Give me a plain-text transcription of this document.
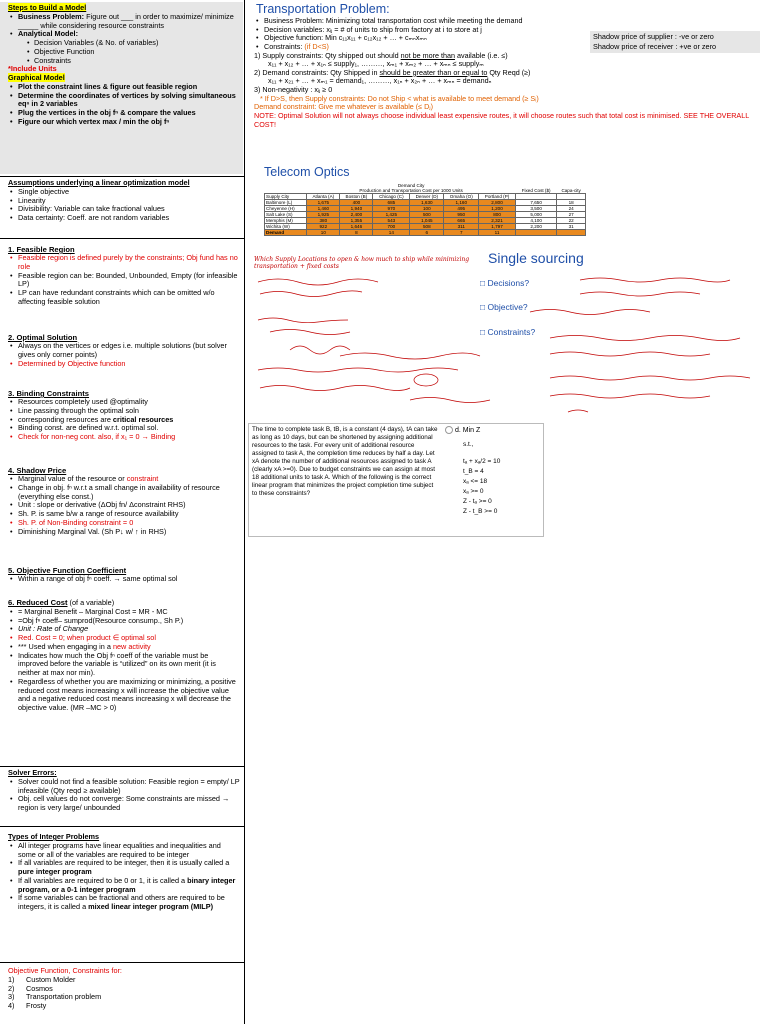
Steps to Build a Model
• Business Problem: Figure out ___ in order to maximize/ minimize _____ while considering resource constraints
• Analytical Model:
• Decision Variables (& No. of variables)
• Objective Function
• Constraints
*Include Units
Graphical Model
• Plot the constraint lines & figure out feasible region
• Determine the coordinates of vertices by solving simultaneous eqⁿ in 2 variables
• Plug the vertices in the obj fⁿ & compare the values
• Figure our which vertex max / min the obj fⁿ
Assumptions underlying a linear optimization model
• Single objective
• Linearity
• Divisibility: Variable can take fractional values
• Data certainty: Coeff. are not random variables
1. Feasible Region
• Feasible region is defined purely by the constraints; Obj fund has no role
• Feasible region can be: Bounded, Unbounded, Empty (for infeasible LP)
• LP can have redundant constraints which can be omitted w/o affecting feasible solution
2. Optimal Solution
• Always on the vertices or edges i.e. multiple solutions (but solver gives only corner points)
• Determined by Objective function
3. Binding Constraints
• Resources completely used @optimality
• Line passing through the optimal soln
• corresponding resources are critical resources
• Binding const. are defined w.r.t. optimal sol.
• Check for non-neg cont. also, if x₁ = 0 → Binding
4. Shadow Price
• Marginal value of the resource or constraint
• Change in obj. fⁿ w.r.t a small change in availability of resource (everything else const.)
• Unit : slope or derivative (ΔObj fn/ Δconstraint RHS)
• Sh. P. is same b/w a range of resource availability
• Sh. P. of Non-Binding constraint = 0
• Diminishing Marginal Val. (Sh P↓ w/ ↑ in RHS)
5. Objective Function Coefficient
• Within a range of obj fⁿ coeff. → same optimal sol
6. Reduced Cost (of a variable)
• = Marginal Benefit – Marginal Cost = MR - MC
• =Obj fⁿ coeff– sumprod(Resource consump., Sh P.)
• Unit : Rate of Change
• Red. Cost = 0; when product ∈ optimal sol
• *** Used when engaging in a new activity
• Indicates how much the Obj fⁿ coeff of the variable must be improved before the variable is “utilized” on its own merit (it is neither at max nor min).
• Regardless of whether you are maximizing or minimizing, a positive reduced cost means increasing x will increase the objective value and a negative reduced cost means increasing x will decrease the objective value. (MR –MC > 0)
Solver Errors:
• Solver could not find a feasible solution: Feasible region = empty/ LP infeasible (Qty reqd ≥ available)
• Obj. cell values do not converge: Some constraints are missed → region is very large/ unbounded
Types of Integer Problems
• All integer programs have linear equalities and inequalities and some or all of the variables are required to be integer
• If all variables are required to be integer, then it is usually called a pure integer program
• If all variables are required to be 0 or 1, it is called a binary integer program, or a 0-1 integer program
• If some variables can be fractional and others are required to be integers, it is called a mixed linear integer program (MILP)
Objective Function, Constraints for:
1) Custom Molder
2) Cosmos
3) Transportation problem
4) Frosty
Transportation Problem:
• Business Problem: Minimizing total transportation cost while meeting the demand
• Decision variables: xᵢⱼ = # of units to ship from factory at i to store at j
• Objective function: Min c₁₁x₁₁ + c₁₂x₁₂ + … + cₘₙxₘₙ
• Constraints: (if D<S)
1) Supply constraints: Qty shipped out should not be more than available (i.e. ≤)
x₁₁ + x₁₂ + … + x₁ₙ ≤ supply₁, ………, xₘ₁ + xₘ₂ + … + xₘₙ ≤ supplyₘ
2) Demand constraints: Qty Shipped in should be greater than or equal to Qty Reqd (≥)
x₁₁ + x₂₁ + … + xₘ₁ = demand₁, ………, x₁ₙ + x₂ₙ + … + xₘₙ = demandₙ
3) Non-negativity : xᵢⱼ ≥ 0
* If D>S, then Supply constraints: Do not Ship < what is available to meet demand (≥ Sᵢ)
Demand constraint: Give me whatever is available (≤ Dⱼ)
NOTE: Optimal Solution will not always choose individual least expensive routes, it will choose routes such that total cost is minimised. SEE THE OVERALL COST!
Shadow price of supplier : -ve or zero
Shadow price of receiver : +ve or zero
Telecom Optics
	Demand City							
	Production and Transportation Cost per 1000 Units						Fixed Cost ($)	Capa-city
Supply City	Atlanta (A)	Boston (B)	Chicago (C)	Denver (D)	Omaha (O)	Portland (P)		
Baltimore (L)	1,675	400	685	1,630	1,160	2,800	7,650	18
Cheyenne (H)	1,460	1,940	970	100	495	1,200	3,500	24
Salt Lake (S)	1,925	2,400	1,425	500	950	800	5,000	27
Memphis (M)	380	1,355	543	1,045	665	2,321	4,100	22
Wichita (W)	922	1,646	700	508	311	1,797	2,200	31
Demand	10	8	14	6	7	11		
Which Supply Locations to open & how much to ship while minimizing transportation + fixed costs
Single sourcing
□ Decisions?
□ Objective?
□ Constraints?
The time to complete task B, tB, is a constant (4 days), tA can take as long as 10 days, but can be shortened by assigning additional resources to the task. For every unit of additional resource assigned to task A, the completion time reduces by half a day. Let xA denote the number of additional resources assigned to task A (clearly xA >=0). Due to budget constraints we can assign at most 18 additional units to task A. Which of the following is the correct linear program that minimizes the project completion time subject to these constraints?
d. Min Z
s.t.,
tₐ + xₐ/2 = 10
t_B = 4
xₐ <= 18
xₐ >= 0
Z - tₐ >= 0
Z - t_B >= 0
